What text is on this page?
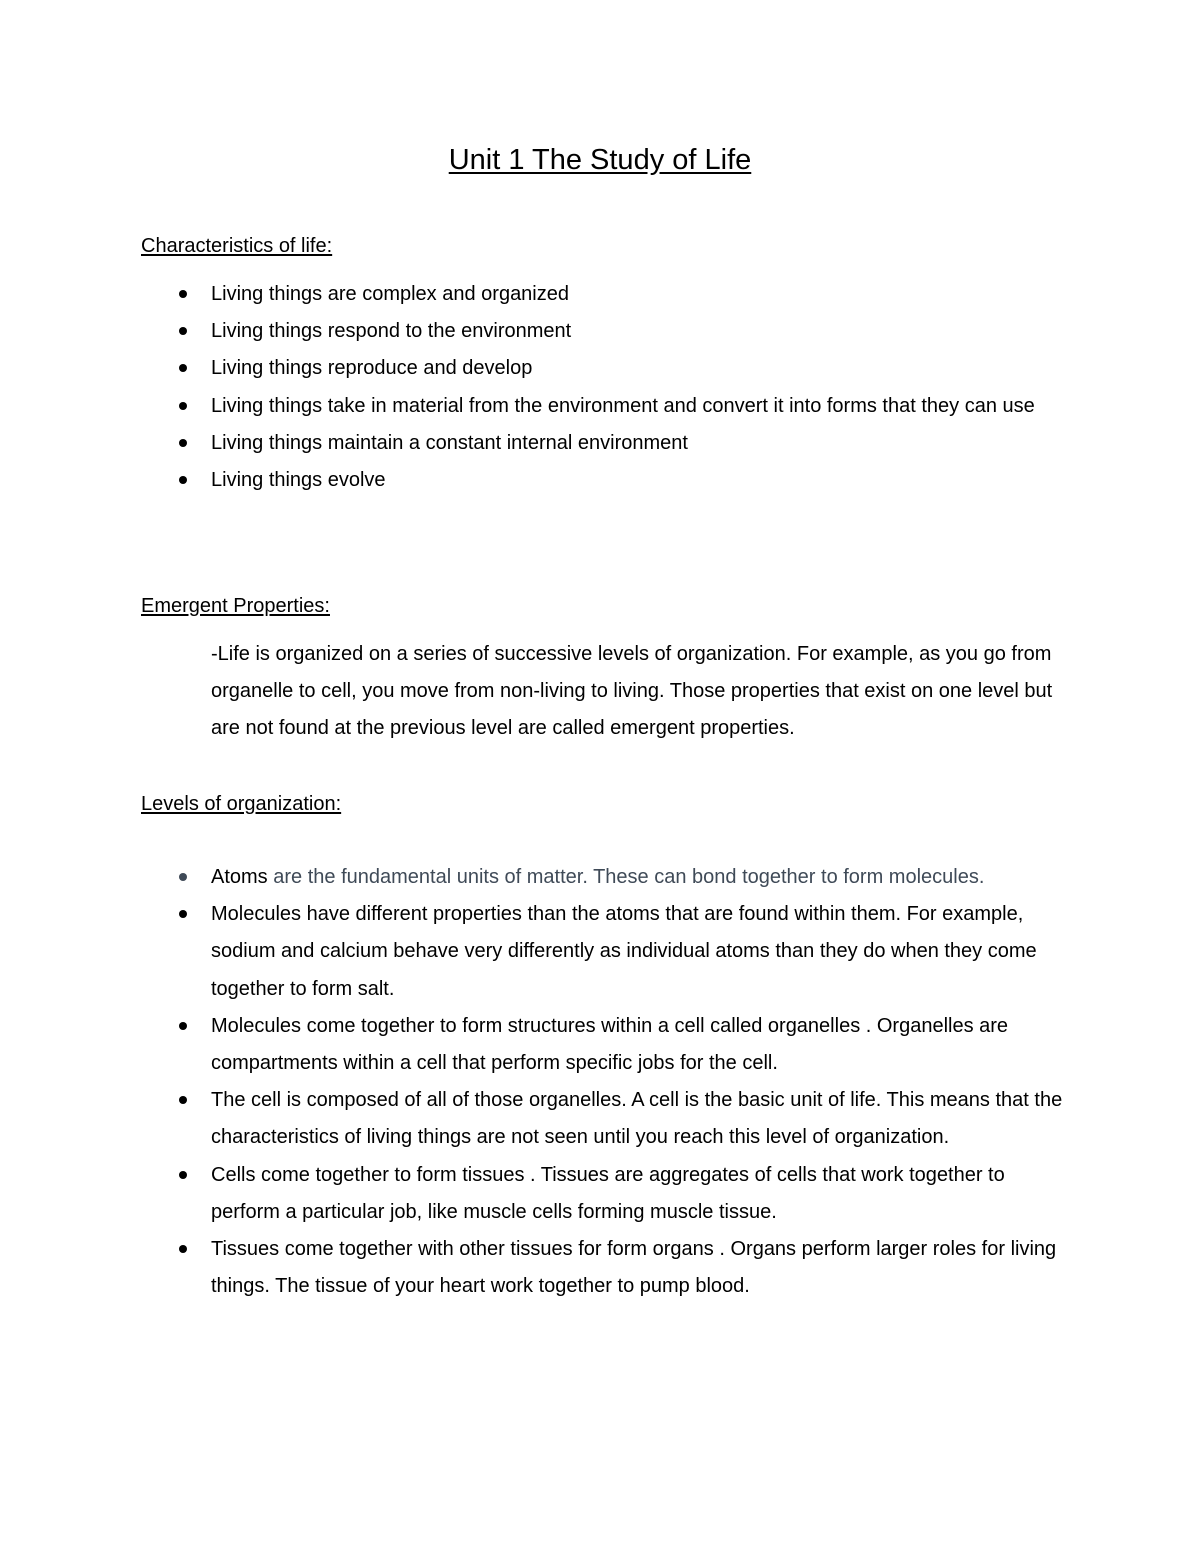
Unit 1 The Study of Life
Characteristics of life:
Living things are complex and organized
Living things respond to the environment
Living things reproduce and develop
Living things take in material from the environment and convert it into forms that they can use
Living things maintain a constant internal environment
Living things evolve
Emergent Properties:
-Life is organized on a series of successive levels of organization. For example, as you go from organelle to cell, you move from non-living to living. Those properties that exist on one level but are not found at the previous level are called emergent properties.
Levels of organization:
Atoms are the fundamental units of matter. These can bond together to form molecules.
Molecules have different properties than the atoms that are found within them. For example, sodium and calcium behave very differently as individual atoms than they do when they come together to form salt.
Molecules come together to form structures within a cell called organelles . Organelles are compartments within a cell that perform specific jobs for the cell.
The cell is composed of all of those organelles. A cell is the basic unit of life. This means that the characteristics of living things are not seen until you reach this level of organization.
Cells come together to form tissues . Tissues are aggregates of cells that work together to perform a particular job, like muscle cells forming muscle tissue.
Tissues come together with other tissues for form organs . Organs perform larger roles for living things. The tissue of your heart work together to pump blood.
